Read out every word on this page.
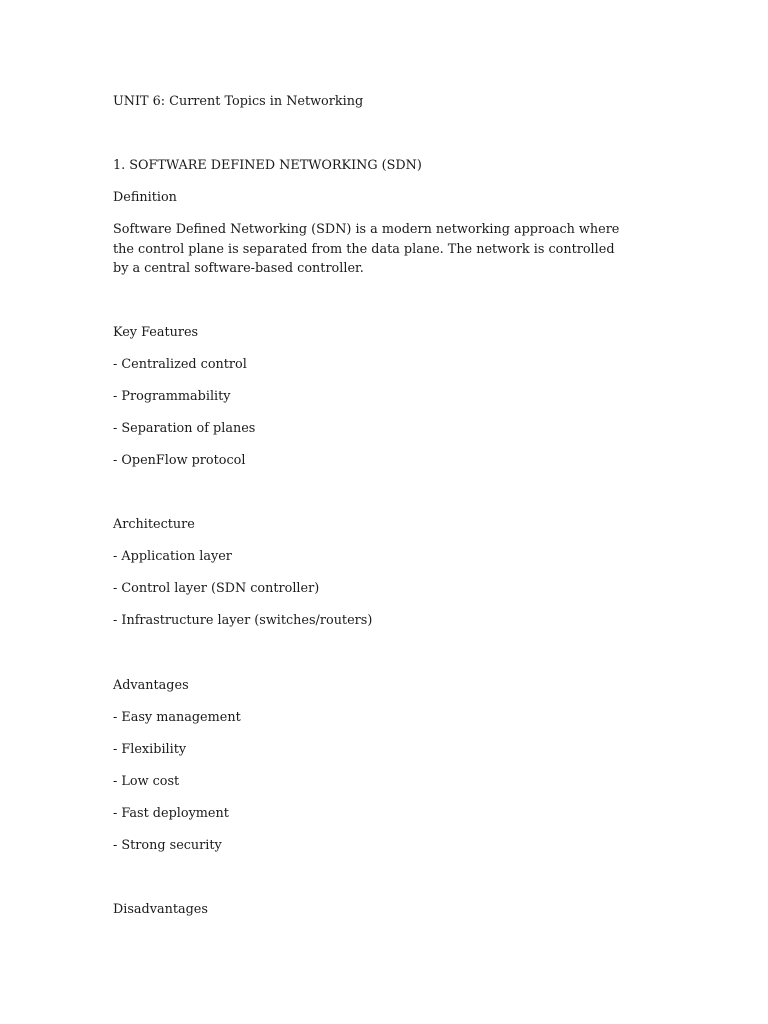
UNIT 6: Current Topics in Networking

1. SOFTWARE DEFINED NETWORKING (SDN)

Definition

Software Defined Networking (SDN) is a modern networking approach where the control plane is separated from the data plane. The network is controlled by a central software-based controller.

Key Features

- Centralized control

- Programmability

- Separation of planes

- OpenFlow protocol

Architecture

- Application layer

- Control layer (SDN controller)

- Infrastructure layer (switches/routers)

Advantages

- Easy management

- Flexibility

- Low cost

- Fast deployment

- Strong security

Disadvantages
